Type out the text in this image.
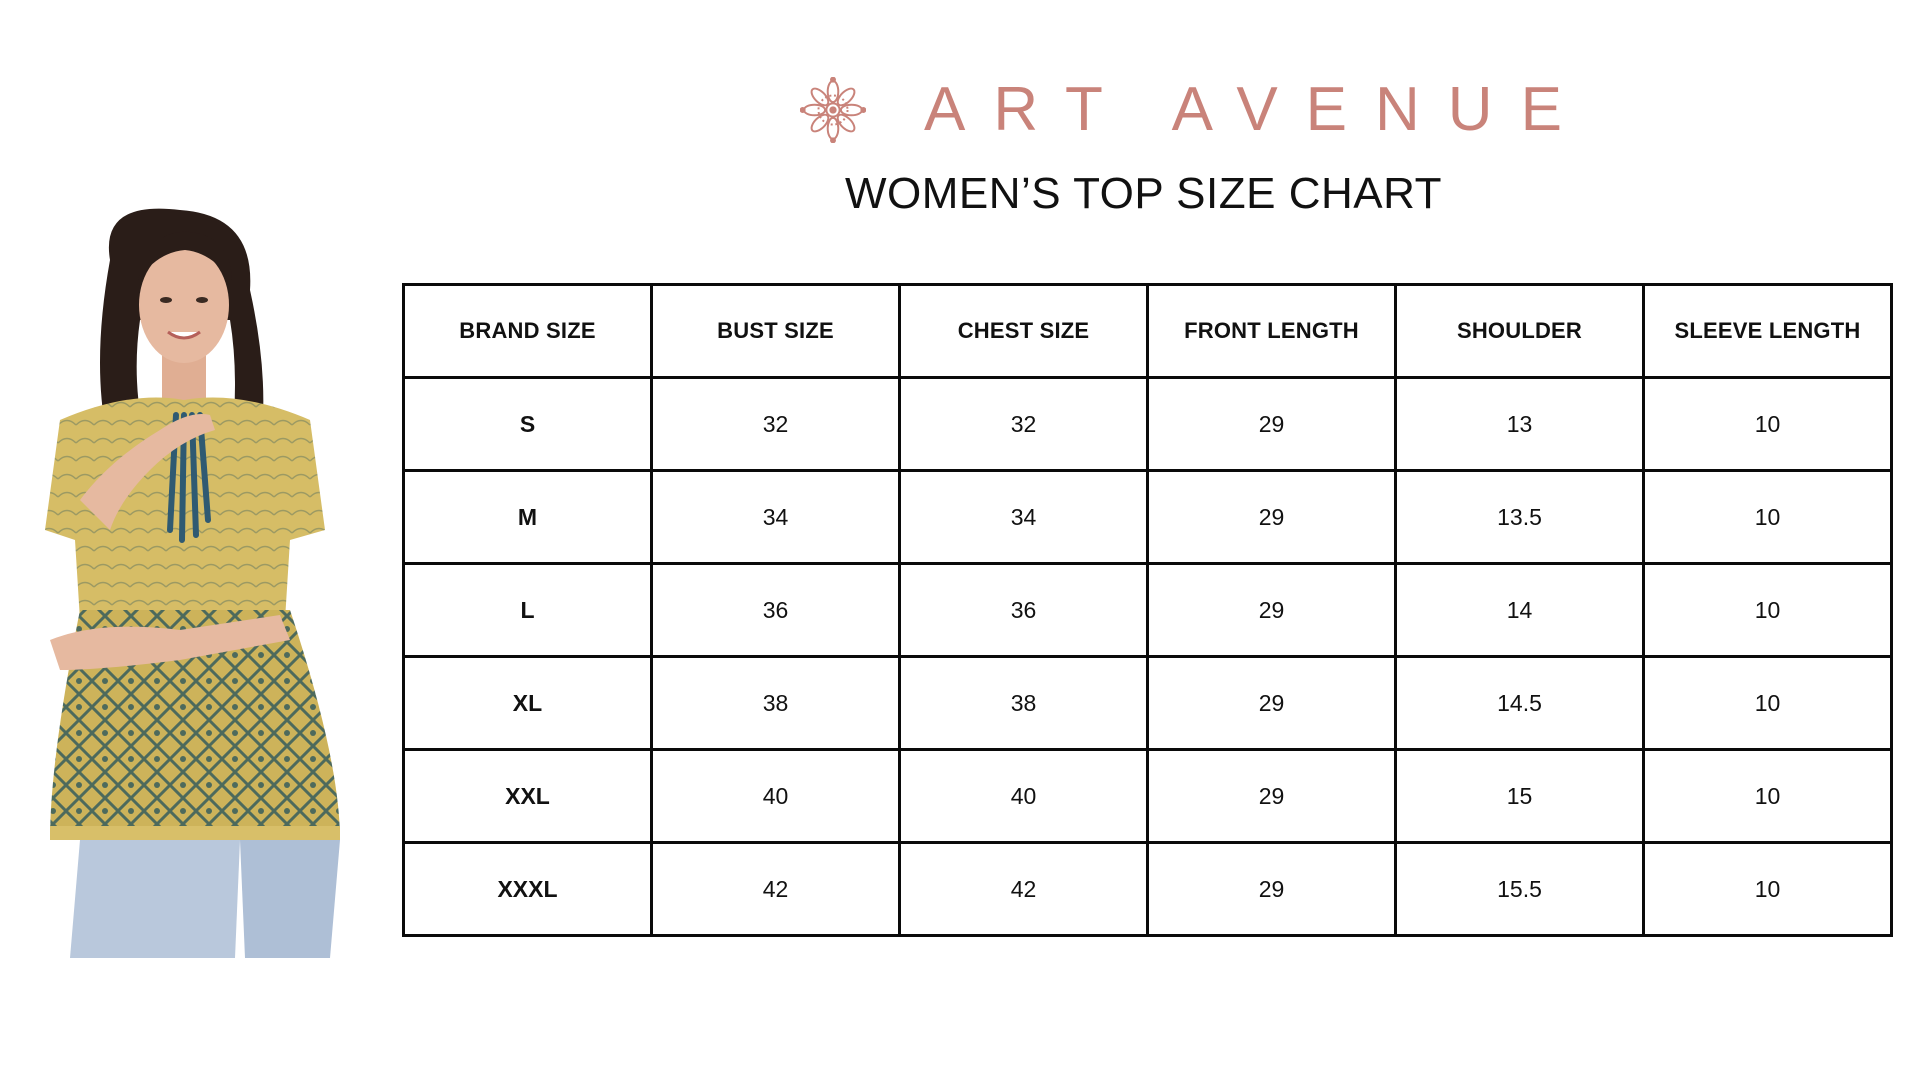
ART AVENUE
WOMEN’S TOP SIZE CHART
BRAND SIZE	BUST SIZE	CHEST SIZE	FRONT LENGTH	SHOULDER	SLEEVE LENGTH
S	32	32	29	13	10
M	34	34	29	13.5	10
L	36	36	29	14	10
XL	38	38	29	14.5	10
XXL	40	40	29	15	10
XXXL	42	42	29	15.5	10
